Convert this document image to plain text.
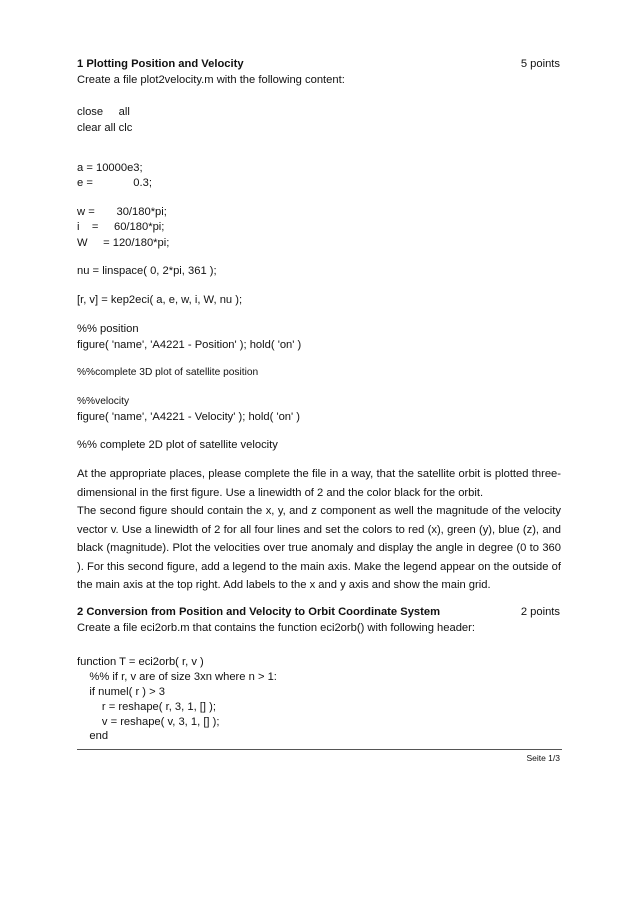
1 Plotting Position and Velocity	5 points
Create a file plot2velocity.m with the following content:
close     all
clear all clc
a = 10000e3;
e =             0.3;
w =       30/180*pi;
i    =     60/180*pi;
W     = 120/180*pi;
nu = linspace( 0, 2*pi, 361 );
[r, v] = kep2eci( a, e, w, i, W, nu );
%% position
figure( 'name', 'A4221 - Position' ); hold( 'on' )
%%complete 3D plot of satellite position
%%velocity
figure( 'name', 'A4221 - Velocity' ); hold( 'on' )
%% complete 2D plot of satellite velocity
At the appropriate places, please complete the file in a way, that the satellite orbit is plotted three-dimensional in the first figure. Use a linewidth of 2 and the color black for the orbit.
The second figure should contain the x, y, and z component as well the magnitude of the velocity vector v. Use a linewidth of 2 for all four lines and set the colors to red (x), green (y), blue (z), and black (magnitude). Plot the velocities over true anomaly and display the angle in degree (0 to 360 ). For this second figure, add a legend to the main axis. Make the legend appear on the outside of the main axis at the top right. Add labels to the x and y axis and show the main grid.
2 Conversion from Position and Velocity to Orbit Coordinate System	2 points
Create a file eci2orb.m that contains the function eci2orb() with following header:
function T = eci2orb( r, v )
%% if r, v are of size 3xn where n > 1:
if numel( r ) > 3
r = reshape( r, 3, 1, [] );
v = reshape( v, 3, 1, [] );
end
Seite 1/3
